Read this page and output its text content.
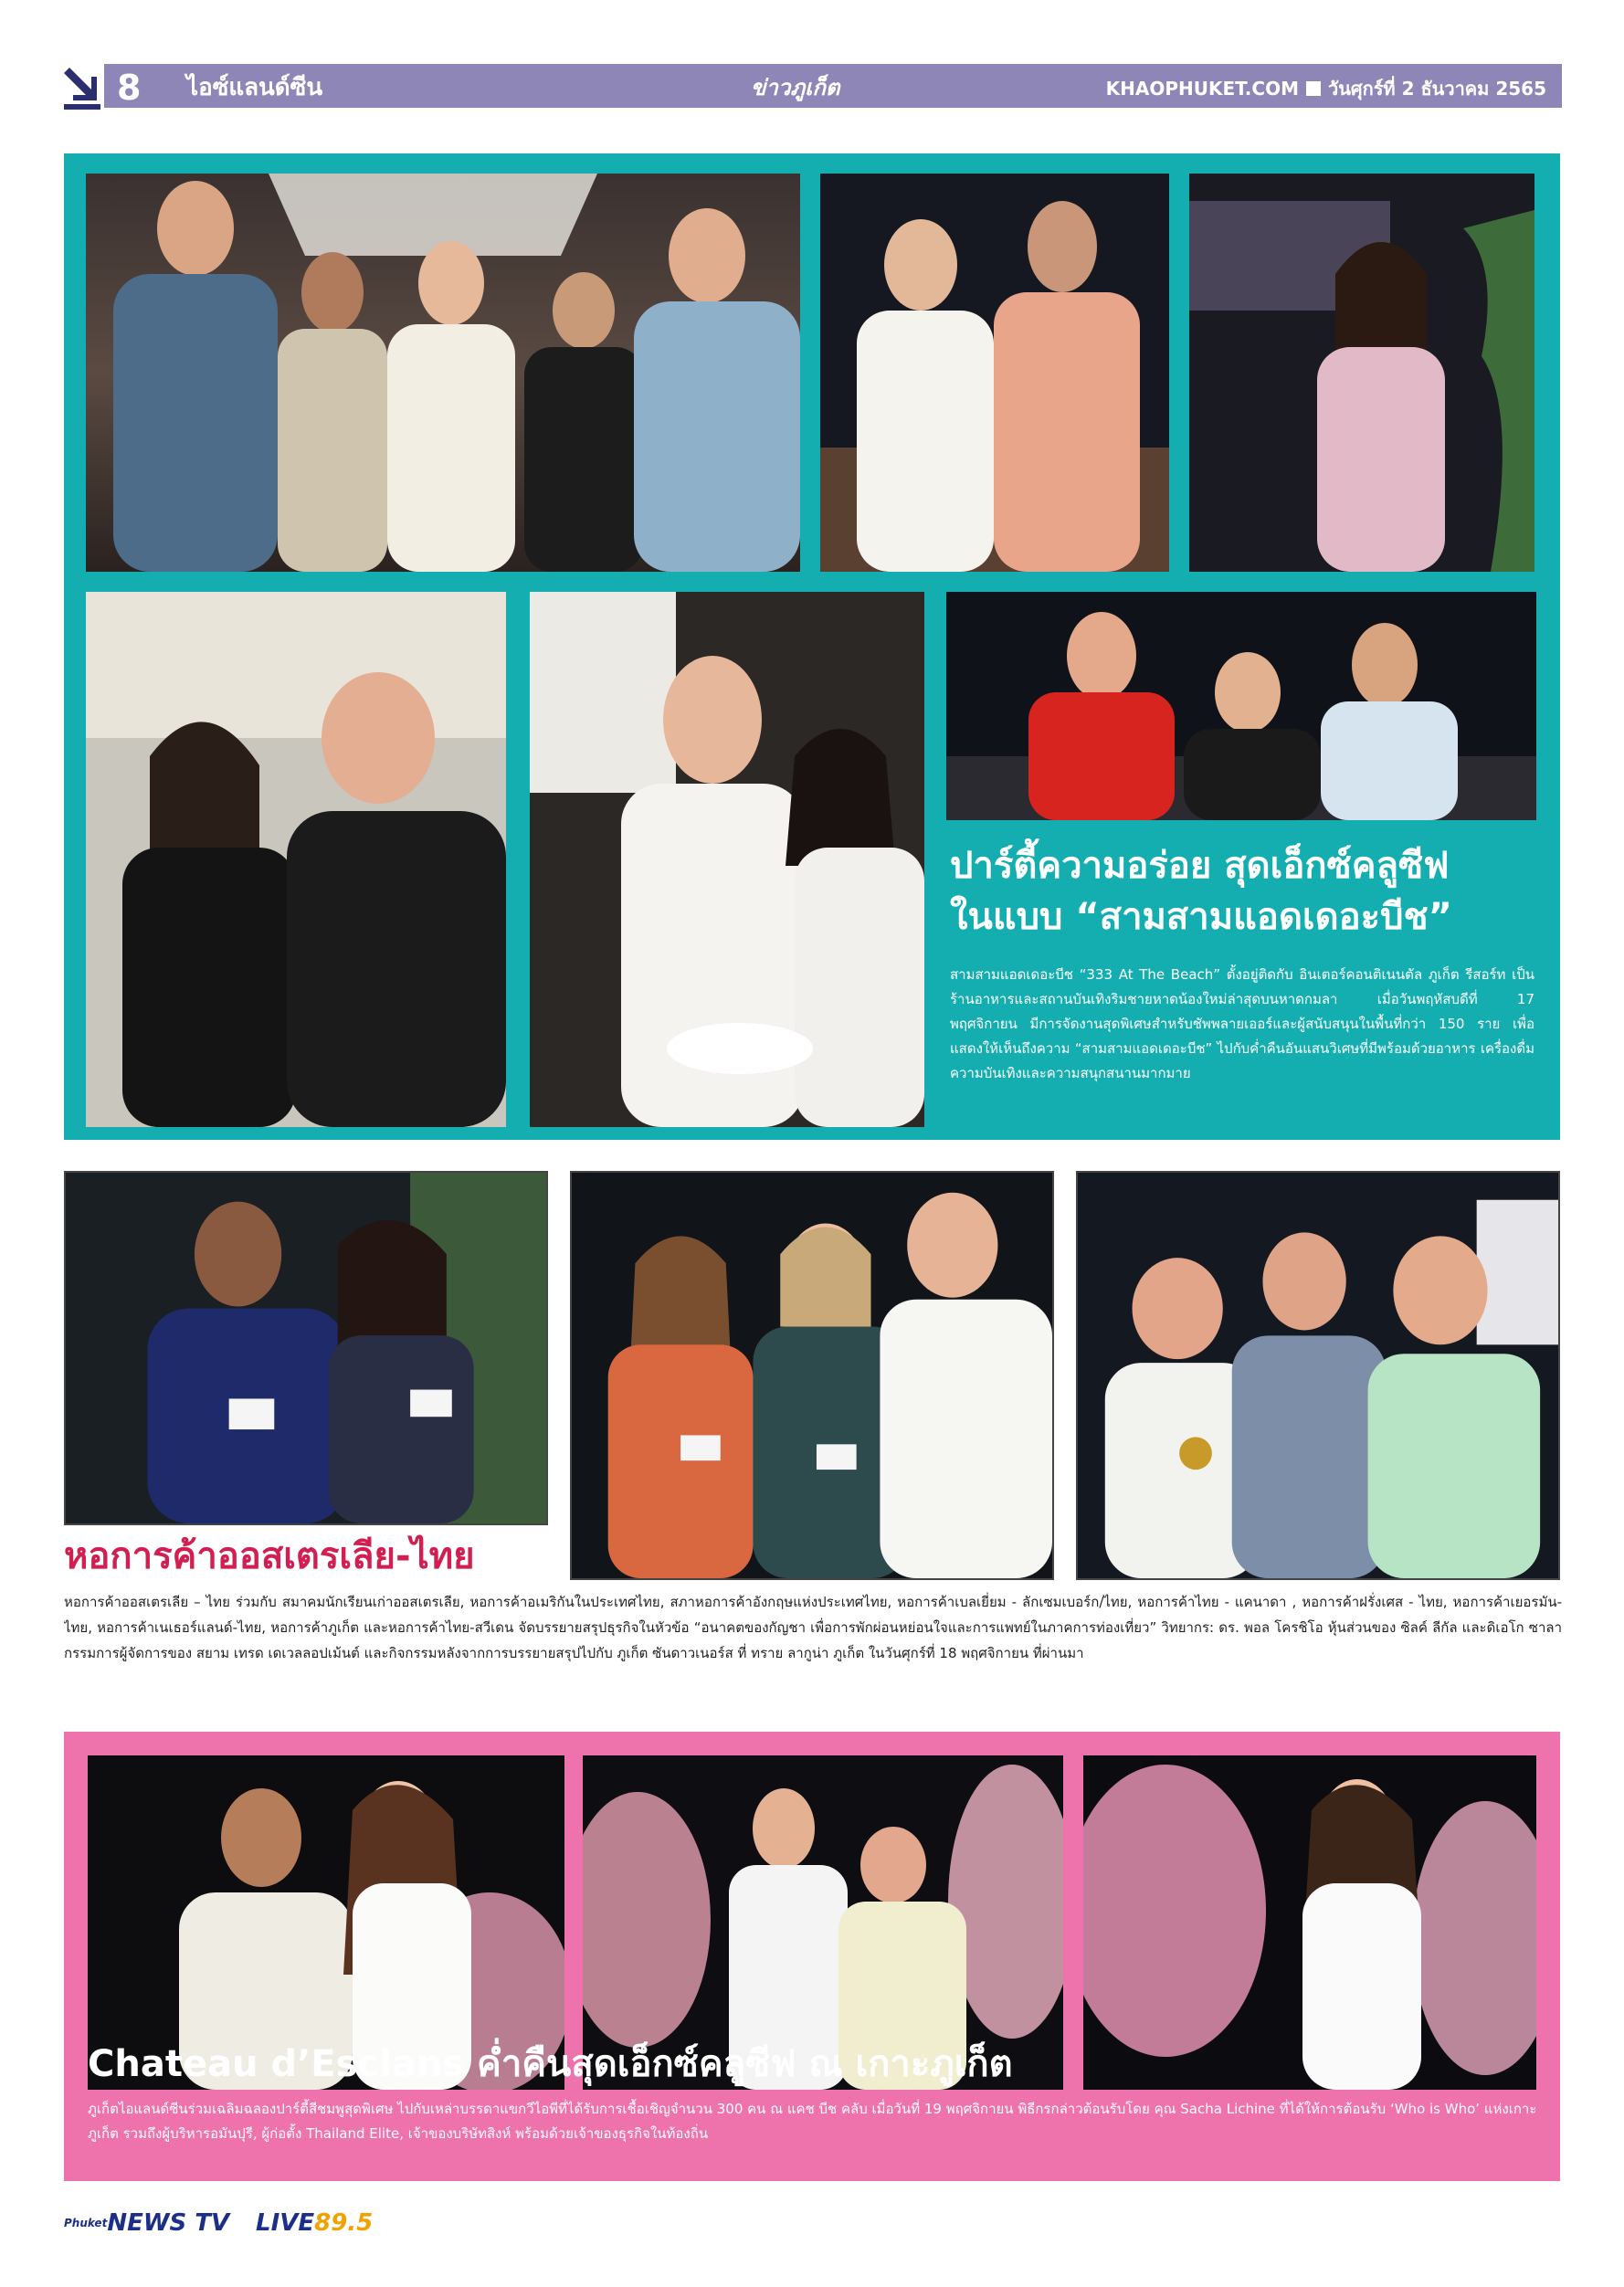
8 ไอซ์แลนด์ซีน	ข่าวภูเก็ต	KHAOPHUKET.COM วันศุกร์ที่ 2 ธันวาคม 2565
ปาร์ตี้ความอร่อย สุดเอ็กซ์คลูซีฟ
ในแบบ “สามสามแอดเดอะบีช”
สามสามแอดเดอะบีช “333 At The Beach” ตั้งอยู่ติดกับ อินเตอร์คอนติเนนตัล ภูเก็ต รีสอร์ท เป็นร้านอาหารและสถานบันเทิงริมชายหาดน้องใหม่ล่าสุดบนหาดกมลา เมื่อวันพฤหัสบดีที่ 17 พฤศจิกายน มีการจัดงานสุดพิเศษสำหรับชัพพลายเออร์และผู้สนับสนุนในพื้นที่กว่า 150 ราย เพื่อแสดงให้เห็นถึงความ “สามสามแอดเดอะบีช” ไปกับค่ำคืนอันแสนวิเศษที่มีพร้อมด้วยอาหาร เครื่องดื่ม ความบันเทิงและความสนุกสนานมากมาย
หอการค้าออสเตรเลีย-ไทย
หอการค้าออสเตรเลีย – ไทย ร่วมกับ สมาคมนักเรียนเก่าออสเตรเลีย, หอการค้าอเมริกันในประเทศไทย, สภาหอการค้าอังกฤษแห่งประเทศไทย, หอการค้าเบลเยี่ยม - ลักเซมเบอร์ก/ไทย, หอการค้าไทย - แคนาดา , หอการค้าฝรั่งเศส - ไทย, หอการค้าเยอรมัน-ไทย, หอการค้าเนเธอร์แลนด์-ไทย, หอการค้าภูเก็ต และหอการค้าไทย-สวีเดน จัดบรรยายสรุปธุรกิจในหัวข้อ “อนาคตของกัญชา เพื่อการพักผ่อนหย่อนใจและการแพทย์ในภาคการท่องเที่ยว” วิทยากร: ดร. พอล โครชิโอ หุ้นส่วนของ ซิลค์ ลีกัล และดิเอโก ซาลา กรรมการผู้จัดการของ สยาม เทรด เดเวลลอปเม้นต์ และกิจกรรมหลังจากการบรรยายสรุปไปกับ ภูเก็ต ซันดาวเนอร์ส ที่ ทราย ลากูน่า ภูเก็ต ในวันศุกร์ที่ 18 พฤศจิกายน ที่ผ่านมา
Chateau d’Esclans ค่ำคืนสุดเอ็กซ์คลูซีฟ ณ เกาะภูเก็ต
ภูเก็ตไอแลนด์ซีนร่วมเฉลิมฉลองปาร์ตี้สีชมพูสุดพิเศษ ไปกับเหล่าบรรดาแขกวีไอพีที่ได้รับการเชื้อเชิญจำนวน 300 คน ณ แคช บีช คลับ เมื่อวันที่ 19 พฤศจิกายน พิธีกรกล่าวต้อนรับโดย คุณ Sacha Lichine ที่ได้ให้การต้อนรับ ‘Who is Who’ แห่งเกาะภูเก็ต รวมถึงผู้บริหารอมันปุรี, ผู้ก่อตั้ง Thailand Elite, เจ้าของบริษัทสิงห์ พร้อมด้วยเจ้าของธุรกิจในท้องถิ่น
$^{Phuket}$NEWS TV LIVE89.5
